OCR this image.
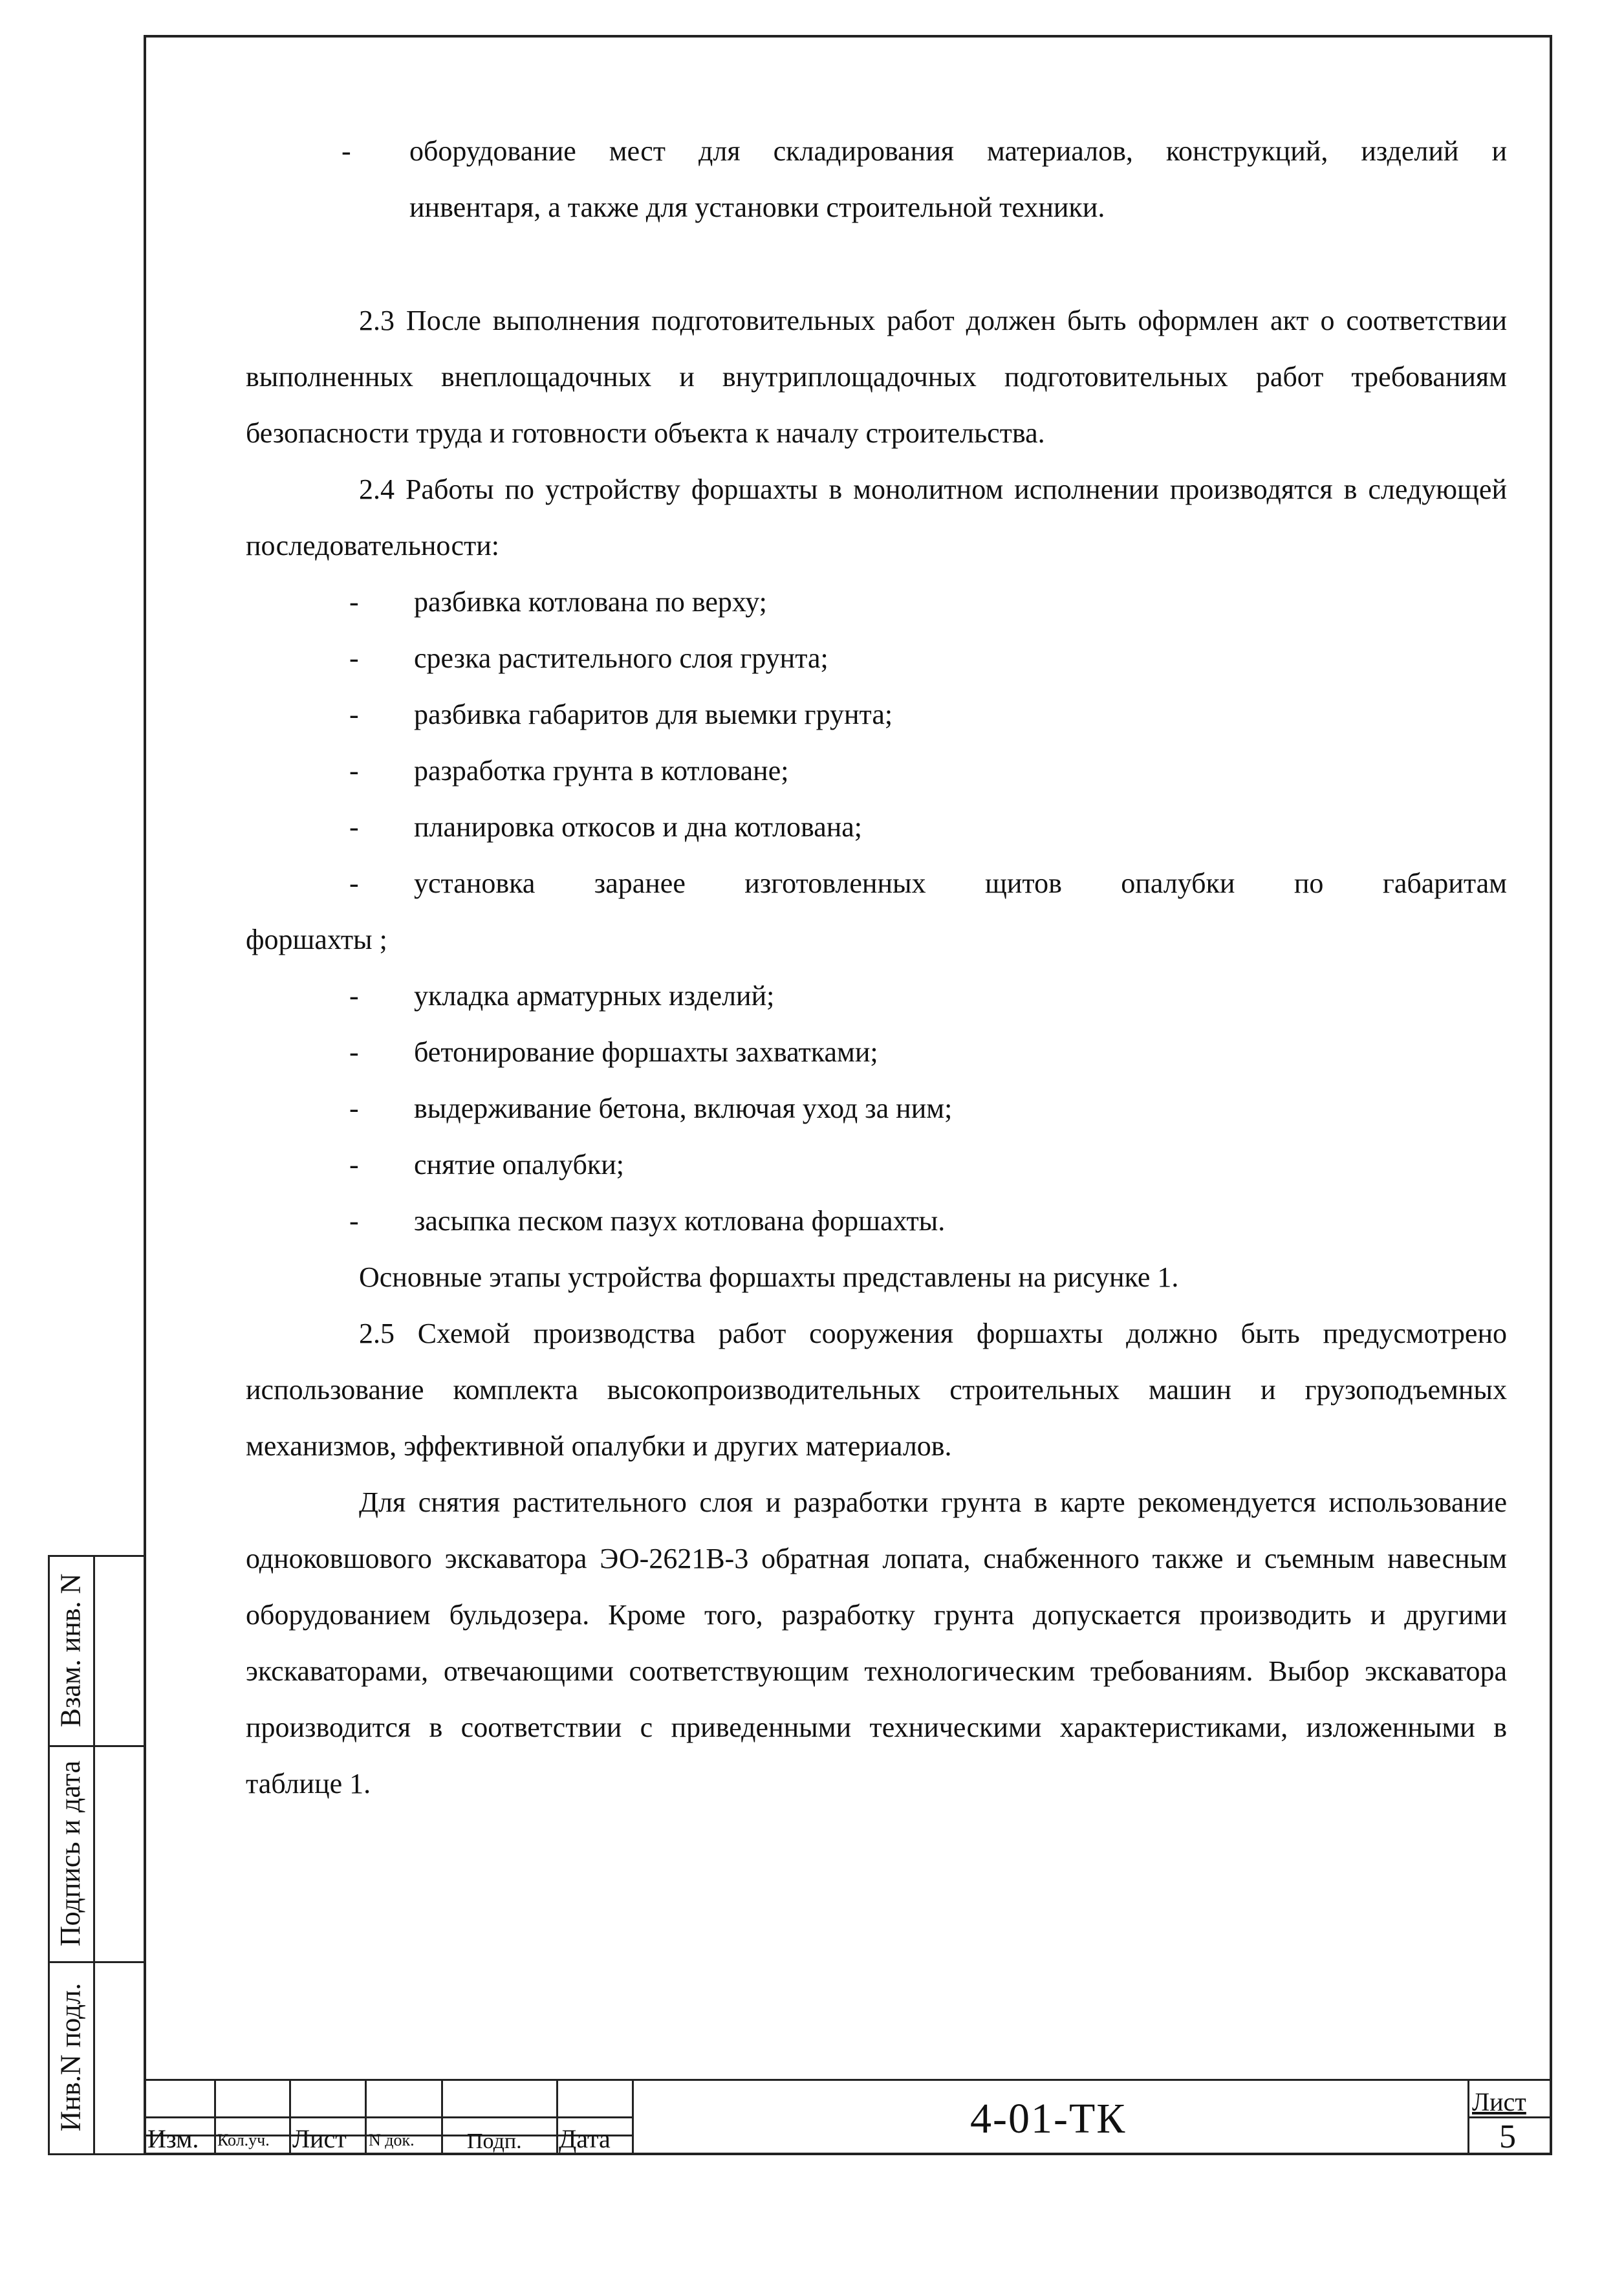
-	оборудование мест для складирования материалов, конструкций, изделий и
инвентаря, а также для установки строительной техники.

2.3 После выполнения подготовительных работ должен быть оформлен акт о соответствии выполненных внеплощадочных и внутриплощадочных подготовительных работ требованиям безопасности труда и готовности объекта к началу строительства.

2.4 Работы по устройству форшахты в монолитном исполнении производятся в следующей последовательности:

-	разбивка котлована по верху;
-	срезка растительного слоя грунта;
-	разбивка габаритов для выемки грунта;
-	разработка грунта в котловане;
-	планировка откосов и дна котлована;
-	установка заранее изготовленных щитов опалубки по габаритам

форшахты ;

-	укладка арматурных изделий;
-	бетонирование форшахты захватками;
-	выдерживание бетона, включая уход за ним;
-	снятие опалубки;
-	засыпка песком пазух котлована форшахты.

Основные этапы устройства форшахты представлены на рисунке 1.

2.5 Схемой производства работ сооружения форшахты должно быть предусмотрено использование комплекта высокопроизводительных строительных машин и грузоподъемных механизмов, эффективной опалубки и других материалов.

Для снятия растительного слоя и разработки грунта в карте рекомендуется использование одноковшового экскаватора ЭО-2621В-3 обратная лопата, снабженного также и съемным навесным оборудованием бульдозера. Кроме того, разработку грунта допускается производить и другими экскаваторами, отвечающими соответствующим технологическим требованиям. Выбор экскаватора производится в соответствии с приведенными техническими характеристиками, изложенными в таблице 1.

Взам. инв. N
Подпись и дата
Инв.N подл.
Изм. Кол.уч. Лист N док. Подп. Дата	4-01-ТК	Лист
5
